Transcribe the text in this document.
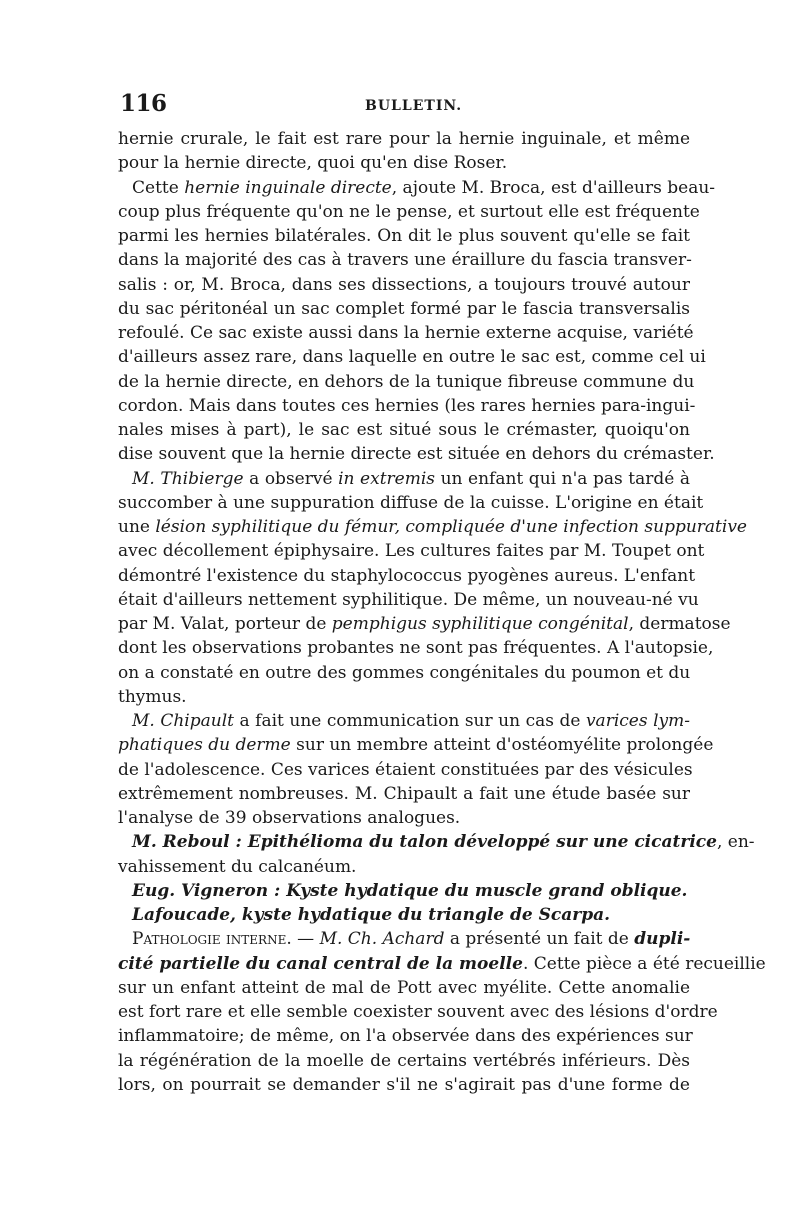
116	BULLETIN.
hernie crurale, le fait est rare pour la hernie inguinale, et même
pour la hernie directe, quoi qu'en dise Roser.
Cette hernie inguinale directe, ajoute M. Broca, est d'ailleurs beau-
coup plus fréquente qu'on ne le pense, et surtout elle est fréquente
parmi les hernies bilatérales. On dit le plus souvent qu'elle se fait
dans la majorité des cas à travers une éraillure du fascia transver-
salis : or, M. Broca, dans ses dissections, a toujours trouvé autour
du sac péritonéal un sac complet formé par le fascia transversalis
refoulé. Ce sac existe aussi dans la hernie externe acquise, variété
d'ailleurs assez rare, dans laquelle en outre le sac est, comme cel ui
de la hernie directe, en dehors de la tunique fibreuse commune du
cordon. Mais dans toutes ces hernies (les rares hernies para-ingui-
nales mises à part), le sac est situé sous le crémaster, quoiqu'on
dise souvent que la hernie directe est située en dehors du crémaster.
M. Thibierge a observé in extremis un enfant qui n'a pas tardé à
succomber à une suppuration diffuse de la cuisse. L'origine en était
une lésion syphilitique du fémur, compliquée d'une infection suppurative
avec décollement épiphysaire. Les cultures faites par M. Toupet ont
démontré l'existence du staphylococcus pyogènes aureus. L'enfant
était d'ailleurs nettement syphilitique. De même, un nouveau-né vu
par M. Valat, porteur de pemphigus syphilitique congénital, dermatose
dont les observations probantes ne sont pas fréquentes. A l'autopsie,
on a constaté en outre des gommes congénitales du poumon et du
thymus.
M. Chipault a fait une communication sur un cas de varices lym-
phatiques du derme sur un membre atteint d'ostéomyélite prolongée
de l'adolescence. Ces varices étaient constituées par des vésicules
extrêmement nombreuses. M. Chipault a fait une étude basée sur
l'analyse de 39 observations analogues.
M. Reboul : Epithélioma du talon développé sur une cicatrice, en-
vahissement du calcanéum.
Eug. Vigneron : Kyste hydatique du muscle grand oblique.
Lafoucade, kyste hydatique du triangle de Scarpa.
Pathologie interne. — M. Ch. Achard a présenté un fait de dupli-
cité partielle du canal central de la moelle. Cette pièce a été recueillie
sur un enfant atteint de mal de Pott avec myélite. Cette anomalie
est fort rare et elle semble coexister souvent avec des lésions d'ordre
inflammatoire; de même, on l'a observée dans des expériences sur
la régénération de la moelle de certains vertébrés inférieurs. Dès
lors, on pourrait se demander s'il ne s'agirait pas d'une forme de
